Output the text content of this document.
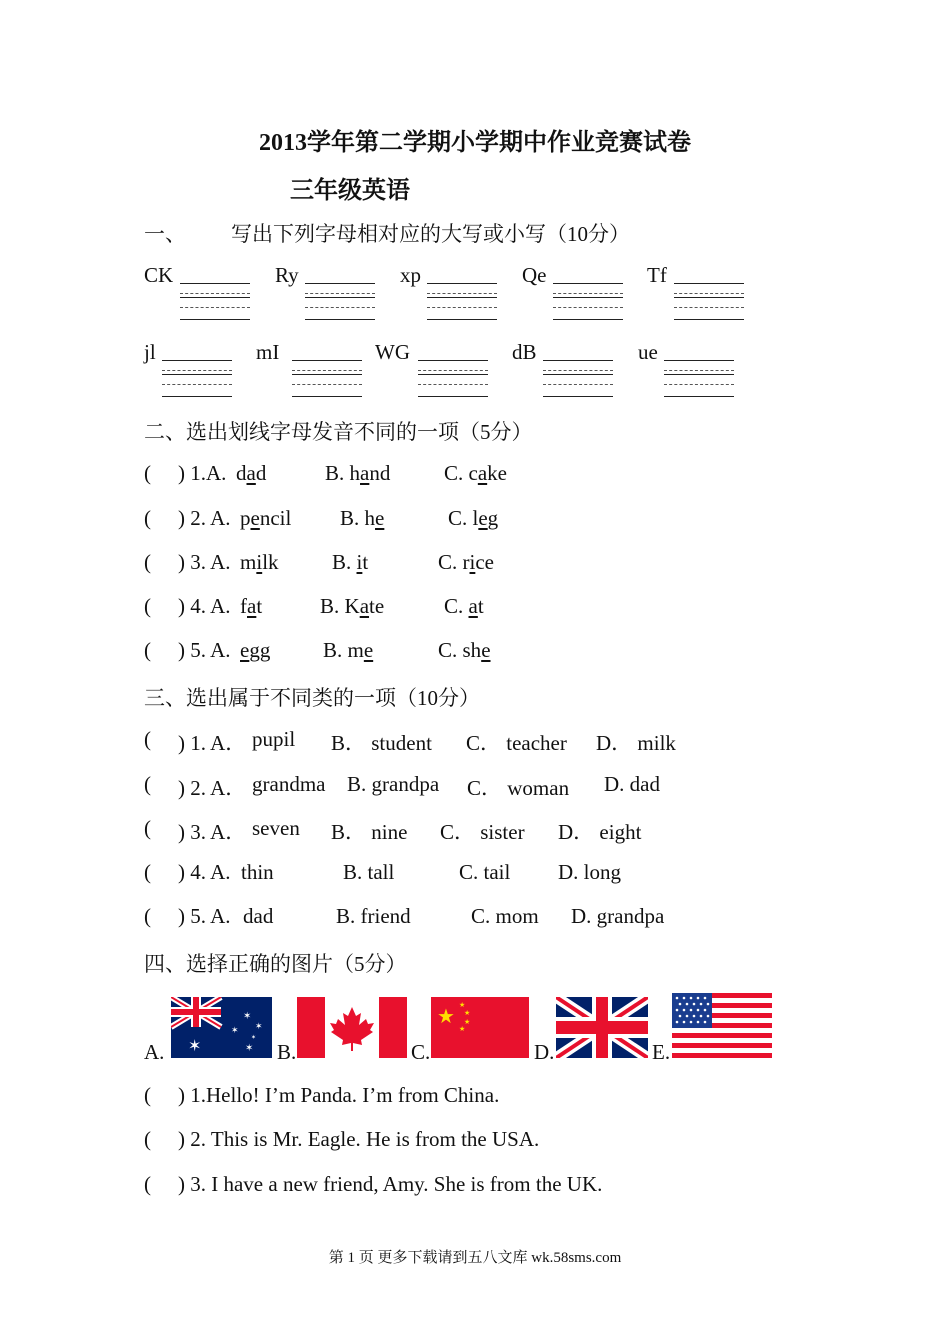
2013学年第二学期小学期中作业竞赛试卷
三年级英语
一、 写出下列字母相对应的大写或小写（10分）
CK	Ry	xp	Qe	Tf
jl	mI	WG	dB	ue
二、选出划线字母发音不同的一项（5分）
( ) 1.A. dad	B. hand	C. cake
( ) 2. A. pencil B. he	C. leg
( ) 3. A. milk	B. it	C. rice
( ) 4. A. fat	B. Kate	C. at
( ) 5. A. egg	B. me	C. she
三、选出属于不同类的一项（10分）
( ) 1. A． pupil B． student C． teacher D． milk
( ) 2. A． grandma B. grandpa C． woman D. dad
( ) 3. A． seven B． nine C． sister D． eight
( ) 4. A. thin	B. tall	C. tail D. long
( ) 5. A. dad	B. friend	C. mom D. grandpa
四、选择正确的图片（5分）
A. ✶
✶
✶ ✶
✶
✶
B.	C.
★ ★
★
★
★
D.	E.
( ) 1.Hello! I’m Panda. I’m from China.
( ) 2. This is Mr. Eagle. He is from the USA.
( ) 3. I have a new friend, Amy. She is from the UK.
第 1 页 更多下载请到五八文库 wk.58sms.com
